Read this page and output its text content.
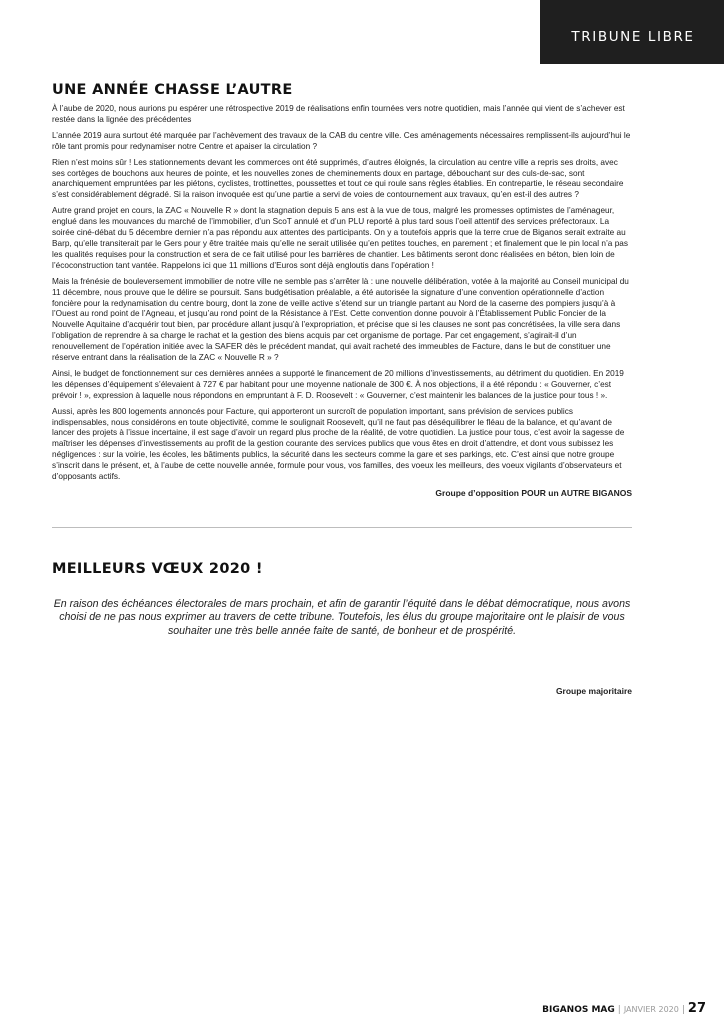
TRIBUNE LIBRE
UNE ANNÉE CHASSE L’AUTRE

À l’aube de 2020, nous aurions pu espérer une rétrospective 2019 de réalisations enfin tournées vers notre quotidien, mais l’année qui vient de s’achever est restée dans la lignée des précédentes

L’année 2019 aura surtout été marquée par l’achèvement des travaux de la CAB du centre ville. Ces aménagements nécessaires remplissent-ils aujourd’hui le rôle tant promis pour redynamiser notre Centre et apaiser la circulation ?

Rien n’est moins sûr ! Les stationnements devant les commerces ont été supprimés, d’autres éloignés, la circulation au centre ville a repris ses droits, avec ses cortèges de bouchons aux heures de pointe, et les nouvelles zones de cheminements doux en partage, débouchant sur des culs-de-sac, sont anarchiquement empruntées par les piétons, cyclistes, trottinettes, poussettes et tout ce qui roule sans règles établies. En contrepartie, le réseau secondaire s’est considérablement dégradé. Si la raison invoquée est qu’une partie a servi de voies de contournement aux travaux, qu’en est-il des autres ?

Autre grand projet en cours, la ZAC « Nouvelle R » dont la stagnation depuis 5 ans est à la vue de tous, malgré les promesses optimistes de l’aménageur, englué dans les mouvances du marché de l’immobilier, d’un ScoT annulé et d’un PLU reporté à plus tard sous l’oeil attentif des services préfectoraux. La soirée ciné-débat du 5 décembre dernier n’a pas répondu aux attentes des participants. On y a toutefois appris que la terre crue de Biganos serait extraite au Barp, qu’elle transiterait par le Gers pour y être traitée mais qu’elle ne serait utilisée qu’en petites touches, en parement ; et finalement que le pin local n’a pas les qualités requises pour la construction et sera de ce fait utilisé pour les barrières de chantier. Les bâtiments seront donc réalisées en béton, bien loin de l’écoconstruction tant vantée. Rappelons ici que 11 millions d’Euros sont déjà engloutis dans l’opération !

Mais la frénésie de bouleversement immobilier de notre ville ne semble pas s’arrêter là : une nouvelle délibération, votée à la majorité au Conseil municipal du 11 décembre, nous prouve que le délire se poursuit. Sans budgétisation préalable, a été autorisée la signature d’une convention opérationnelle d’action foncière pour la redynamisation du centre bourg, dont la zone de veille active s’étend sur un triangle partant au Nord de la caserne des pompiers jusqu’à à l’Ouest au rond point de l’Agneau, et jusqu’au rond point de la Résistance à l’Est. Cette convention donne pouvoir à l’Établissement Public Foncier de la Nouvelle Aquitaine d’acquérir tout bien, par procédure allant jusqu’à l’expropriation, et précise que si les clauses ne sont pas concrétisées, la ville sera dans l’obligation de reprendre à sa charge le rachat et la gestion des biens acquis par cet organisme de portage. Par cet engagement, s’agirait-il d’un renouvellement de l’opération initiée avec la SAFER dès le précédent mandat, qui avait racheté des immeubles de Facture, dans le but de constituer une réserve entrant dans la réalisation de la ZAC « Nouvelle R » ?

Ainsi, le budget de fonctionnement sur ces dernières années a supporté le financement de 20 millions d’investissements, au détriment du quotidien. En 2019 les dépenses d’équipement s’élevaient à 727 € par habitant pour une moyenne nationale de 300 €. À nos objections, il a été répondu : « Gouverner, c’est prévoir ! », expression à laquelle nous répondons en empruntant à F. D. Roosevelt : « Gouverner, c’est maintenir les balances de la justice pour tous ! ».

Aussi, après les 800 logements annoncés pour Facture, qui apporteront un surcroît de population important, sans prévision de services publics indispensables, nous considérons en toute objectivité, comme le soulignait Roosevelt, qu’il ne faut pas déséquilibrer le fléau de la balance, et qu’avant de lancer des projets à l’issue incertaine, il est sage d’avoir un regard plus proche de la réalité, de votre quotidien. La justice pour tous, c’est avoir la sagesse de maîtriser les dépenses d’investissements au profit de la gestion courante des services publics que vous êtes en droit d’attendre, et dont vous subissez les négligences : sur la voirie, les écoles, les bâtiments publics, la sécurité dans les secteurs comme la gare et ses parkings, etc. C’est ainsi que notre groupe s’inscrit dans le présent, et, à l’aube de cette nouvelle année, formule pour vous, vos familles, des voeux les meilleurs, des voeux vigilants d’observateurs et d’opposants actifs.

Groupe d’opposition POUR un AUTRE BIGANOS
MEILLEURS VŒUX 2020 !
En raison des échéances électorales de mars prochain, et afin de garantir l’équité dans le débat démocratique, nous avons choisi de ne pas nous exprimer au travers de cette tribune. Toutefois, les élus du groupe majoritaire ont le plaisir de vous souhaiter une très belle année faite de santé, de bonheur et de prospérité.
Groupe majoritaire
BIGANOS MAG | JANVIER 2020 | 27
